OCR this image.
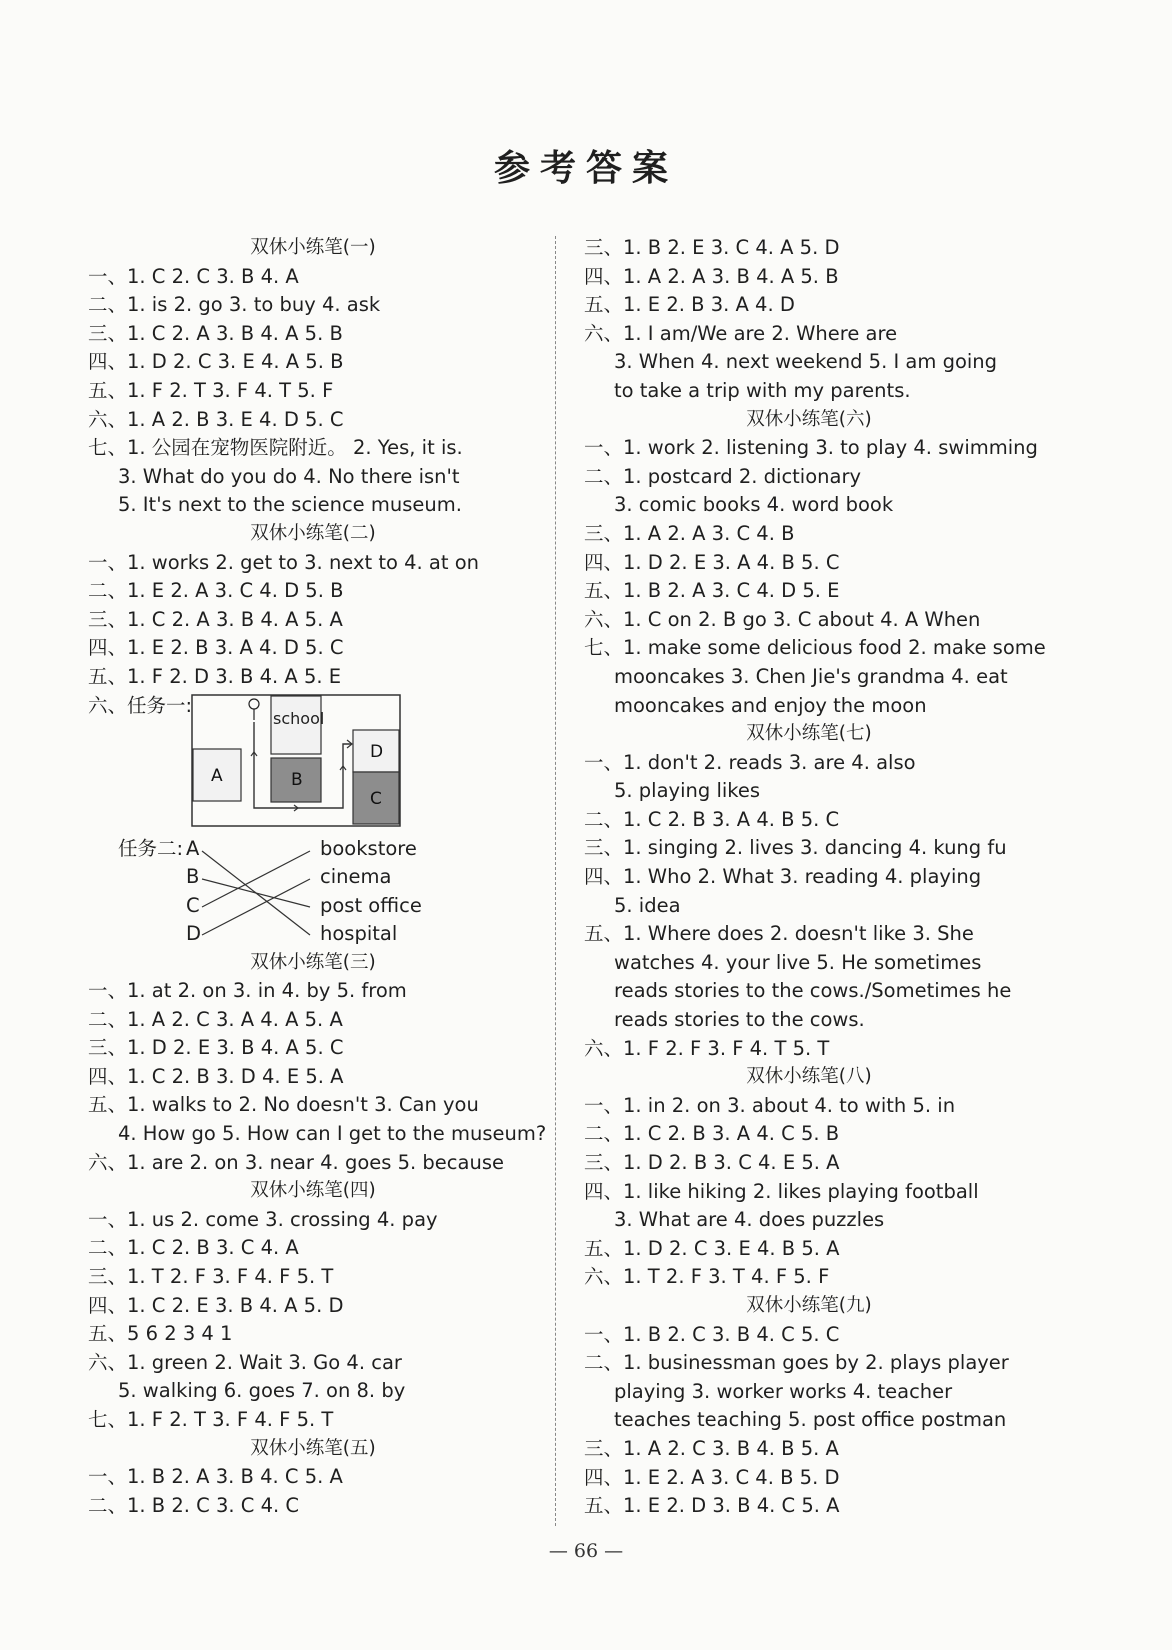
参考答案
双休小练笔(一)
一、1. C 2. C 3. B 4. A
二、1. is 2. go 3. to buy 4. ask
三、1. C 2. A 3. B 4. A 5. B
四、1. D 2. C 3. E 4. A 5. B
五、1. F 2. T 3. F 4. T 5. F
六、1. A 2. B 3. E 4. D 5. C
七、1. 公园在宠物医院附近。 2. Yes, it is.
3. What do you do 4. No there isn't
5. It's next to the science museum.
双休小练笔(二)
一、1. works 2. get to 3. next to 4. at on
二、1. E 2. A 3. C 4. D 5. B
三、1. C 2. A 3. B 4. A 5. A
四、1. E 2. B 3. A 4. D 5. C
五、1. F 2. D 3. B 4. A 5. E
六、任务一:
school
B
A
D
C
任务二: A
B
C
D
bookstore
cinema
post office
hospital
双休小练笔(三)
一、1. at 2. on 3. in 4. by 5. from
二、1. A 2. C 3. A 4. A 5. A
三、1. D 2. E 3. B 4. A 5. C
四、1. C 2. B 3. D 4. E 5. A
五、1. walks to 2. No doesn't 3. Can you
4. How go 5. How can I get to the museum?
六、1. are 2. on 3. near 4. goes 5. because
双休小练笔(四)
一、1. us 2. come 3. crossing 4. pay
二、1. C 2. B 3. C 4. A
三、1. T 2. F 3. F 4. F 5. T
四、1. C 2. E 3. B 4. A 5. D
五、5 6 2 3 4 1
六、1. green 2. Wait 3. Go 4. car
5. walking 6. goes 7. on 8. by
七、1. F 2. T 3. F 4. F 5. T
双休小练笔(五)
一、1. B 2. A 3. B 4. C 5. A
二、1. B 2. C 3. C 4. C
三、1. B 2. E 3. C 4. A 5. D
四、1. A 2. A 3. B 4. A 5. B
五、1. E 2. B 3. A 4. D
六、1. I am/We are 2. Where are
3. When 4. next weekend 5. I am going
to take a trip with my parents.
双休小练笔(六)
一、1. work 2. listening 3. to play 4. swimming
二、1. postcard 2. dictionary
3. comic books 4. word book
三、1. A 2. A 3. C 4. B
四、1. D 2. E 3. A 4. B 5. C
五、1. B 2. A 3. C 4. D 5. E
六、1. C on 2. B go 3. C about 4. A When
七、1. make some delicious food 2. make some
mooncakes 3. Chen Jie's grandma 4. eat
mooncakes and enjoy the moon
双休小练笔(七)
一、1. don't 2. reads 3. are 4. also
5. playing likes
二、1. C 2. B 3. A 4. B 5. C
三、1. singing 2. lives 3. dancing 4. kung fu
四、1. Who 2. What 3. reading 4. playing
5. idea
五、1. Where does 2. doesn't like 3. She
watches 4. your live 5. He sometimes
reads stories to the cows./Sometimes he
reads stories to the cows.
六、1. F 2. F 3. F 4. T 5. T
双休小练笔(八)
一、1. in 2. on 3. about 4. to with 5. in
二、1. C 2. B 3. A 4. C 5. B
三、1. D 2. B 3. C 4. E 5. A
四、1. like hiking 2. likes playing football
3. What are 4. does puzzles
五、1. D 2. C 3. E 4. B 5. A
六、1. T 2. F 3. T 4. F 5. F
双休小练笔(九)
一、1. B 2. C 3. B 4. C 5. C
二、1. businessman goes by 2. plays player
playing 3. worker works 4. teacher
teaches teaching 5. post office postman
三、1. A 2. C 3. B 4. B 5. A
四、1. E 2. A 3. C 4. B 5. D
五、1. E 2. D 3. B 4. C 5. A
— 66 —
